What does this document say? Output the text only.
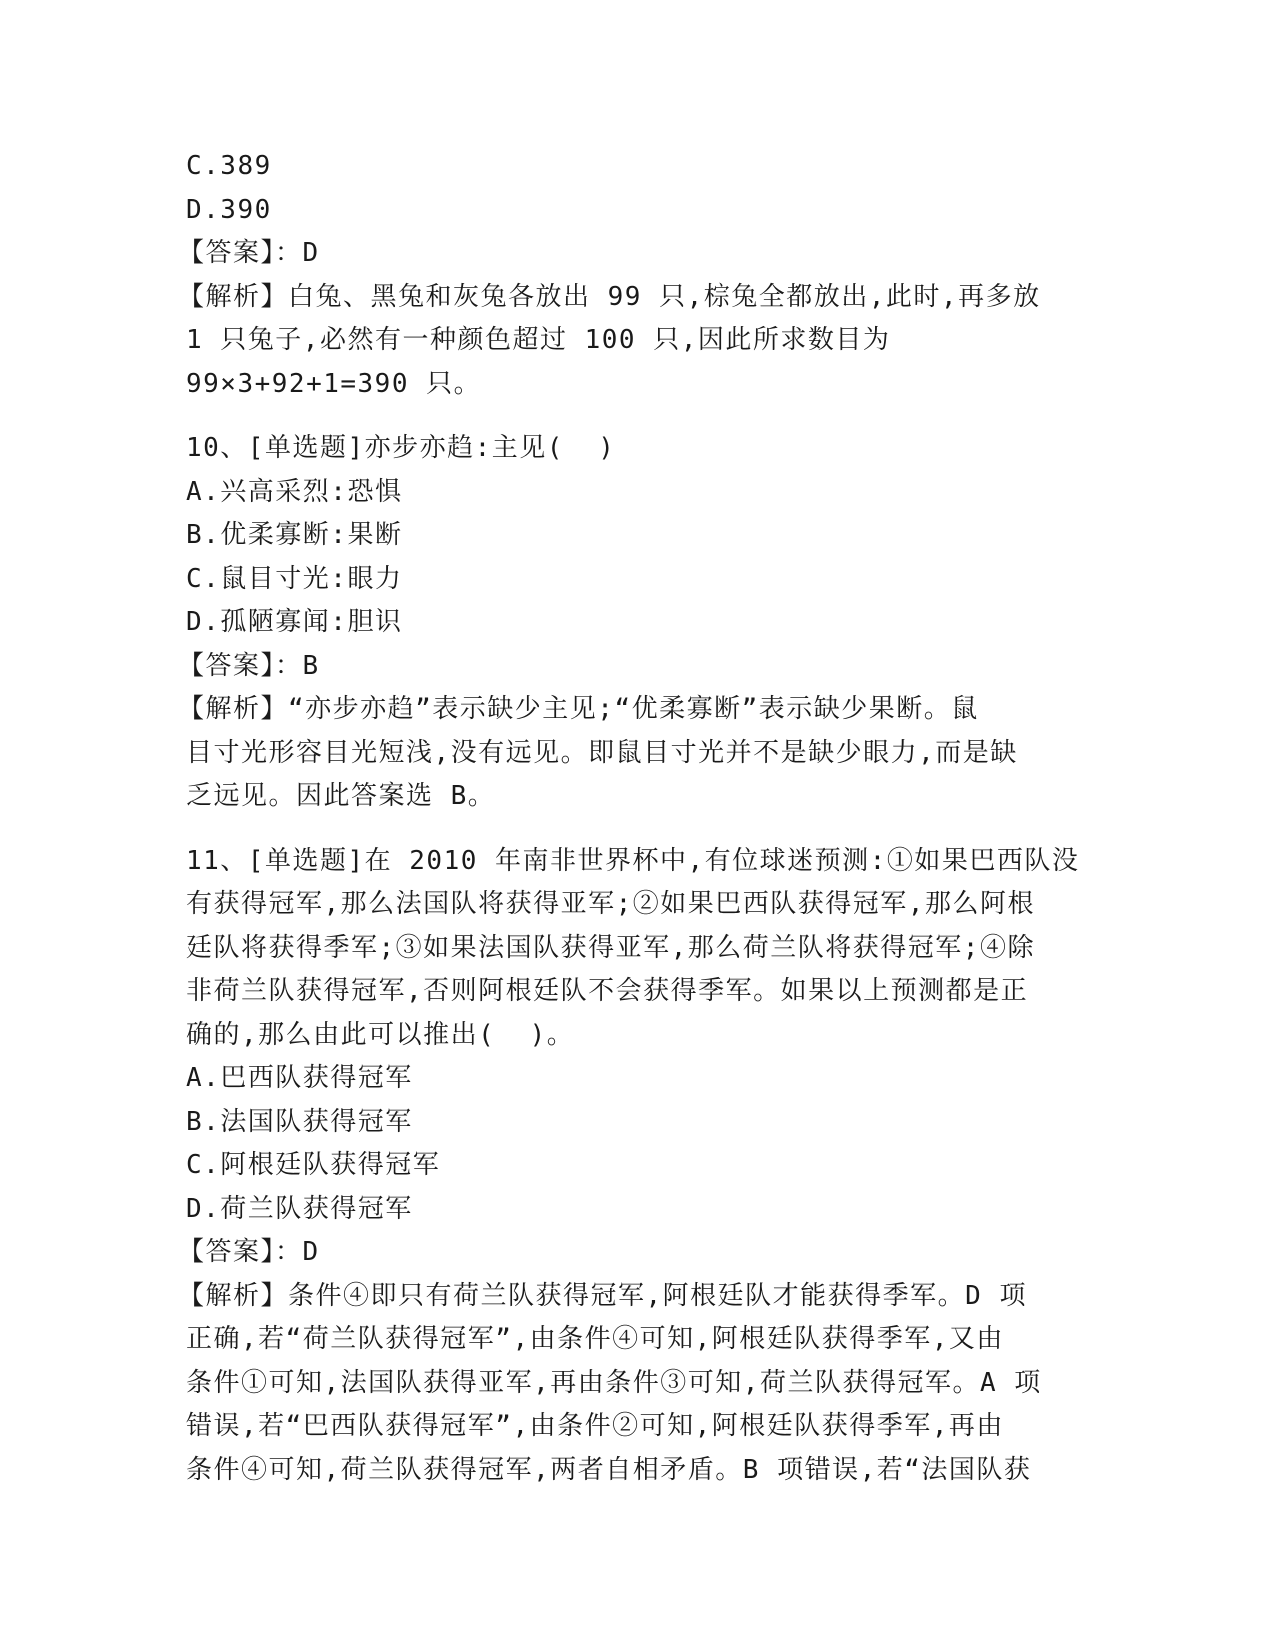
C.389
D.390
【答案】：D
【解析】白兔、黑兔和灰兔各放出 99 只,棕兔全都放出,此时,再多放
1 只兔子,必然有一种颜色超过 100 只,因此所求数目为
99×3+92+1=390 只。
10、[单选题]亦步亦趋:主见(  )
A.兴高采烈:恐惧
B.优柔寡断:果断
C.鼠目寸光:眼力
D.孤陋寡闻:胆识
【答案】：B
【解析】“亦步亦趋”表示缺少主见;“优柔寡断”表示缺少果断。鼠
目寸光形容目光短浅,没有远见。即鼠目寸光并不是缺少眼力,而是缺
乏远见。因此答案选 B。
11、[单选题]在 2010 年南非世界杯中,有位球迷预测:①如果巴西队没
有获得冠军,那么法国队将获得亚军;②如果巴西队获得冠军,那么阿根
廷队将获得季军;③如果法国队获得亚军,那么荷兰队将获得冠军;④除
非荷兰队获得冠军,否则阿根廷队不会获得季军。如果以上预测都是正
确的,那么由此可以推出(  )。
A.巴西队获得冠军
B.法国队获得冠军
C.阿根廷队获得冠军
D.荷兰队获得冠军
【答案】：D
【解析】条件④即只有荷兰队获得冠军,阿根廷队才能获得季军。D 项
正确,若“荷兰队获得冠军”,由条件④可知,阿根廷队获得季军,又由
条件①可知,法国队获得亚军,再由条件③可知,荷兰队获得冠军。A 项
错误,若“巴西队获得冠军”,由条件②可知,阿根廷队获得季军,再由
条件④可知,荷兰队获得冠军,两者自相矛盾。B 项错误,若“法国队获
